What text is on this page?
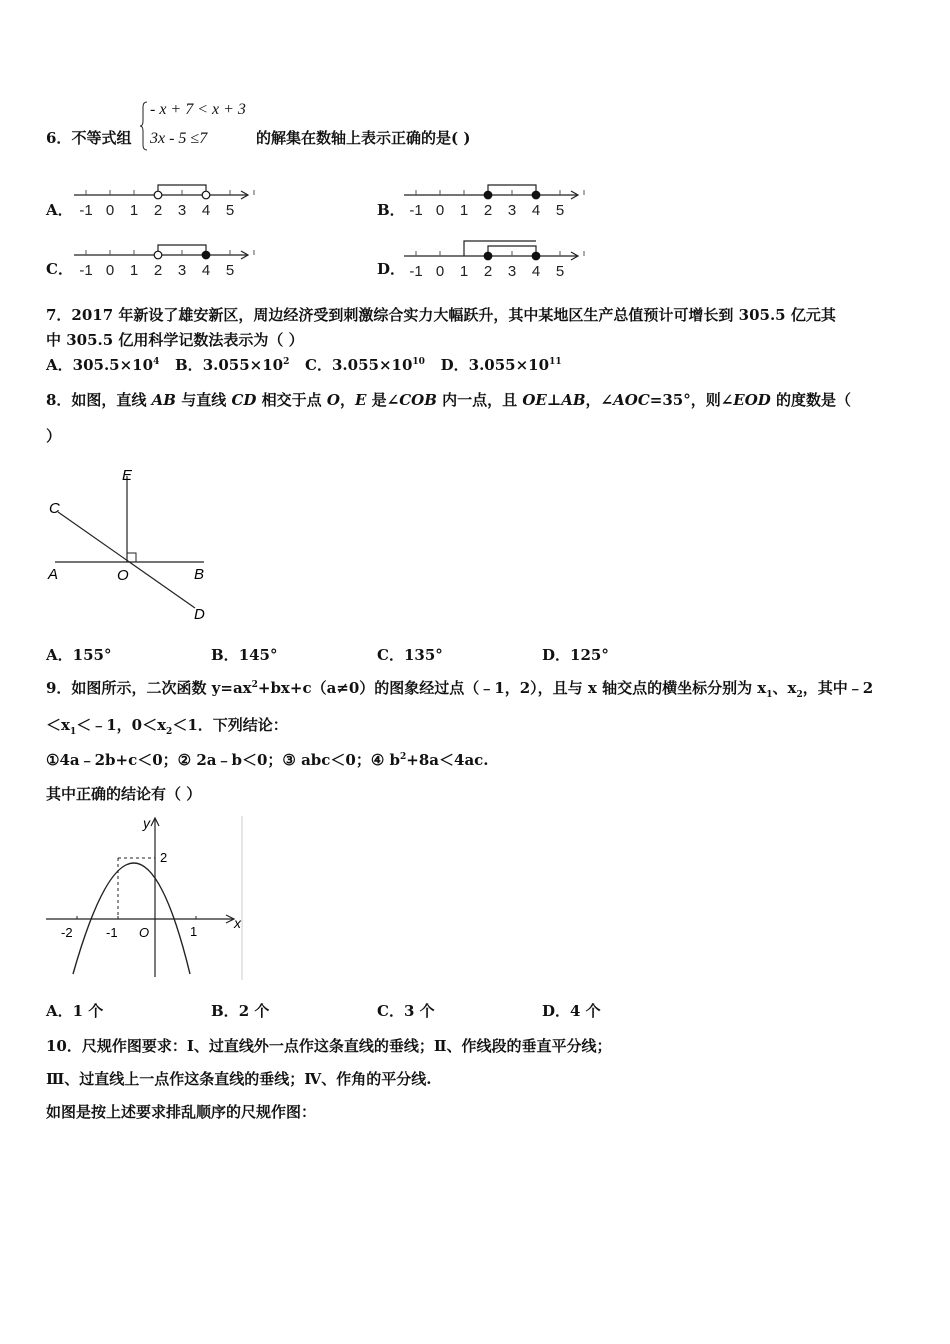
6．不等式组
- x + 7 < x + 3
3x - 5 ≤7	的解集在数轴上表示正确的是( )
A．	B．
C．	D．
-1 0 1 2 3 4 5	-1 0 1 2 3 4 5
-1 0 1 2 3 4 5	-1 0 1 2 3 4 5
7．2017 年新设了雄安新区，周边经济受到刺激综合实力大幅跃升，其中某地区生产总值预计可增长到 305.5 亿元其
中 305.5 亿用科学记数法表示为（ ）
A．$305.5\times 10^4$ B．$3.055\times 10^2$ C．$3.055\times 10^{10}$ D．$3.055\times 10^{11}$
8．如图，直线 AB 与直线 CD 相交于点 O，E 是∠COB 内一点，且 OE⊥AB，∠AOC=35°，则∠EOD 的度数是（
）
E
C
A	O	B
D
A．155°	B．145°	C．135°	D．125°
9．如图所示，二次函数 $y=ax^2+bx+c(a\ne 0)$的图象经过点（﹣1，2），且与 x 轴交点的横坐标分别为 $x_1$、$x_2$，其中﹣2
$<x_1<﹣1$，$0<x_2<1$．下列结论：
①4a﹣2b+c＜0；② 2a﹣b＜0；③ abc＜0；④ $b^2+8a<4ac$.
其中正确的结论有（ ）
y
x
2
-2	-1 O	1
A．1 个	B．2 个	C．3 个	D．4 个
10．尺规作图要求：Ⅰ、过直线外一点作这条直线的垂线；Ⅱ、作线段的垂直平分线；
Ⅲ、过直线上一点作这条直线的垂线；Ⅳ、作角的平分线.
如图是按上述要求排乱顺序的尺规作图：
